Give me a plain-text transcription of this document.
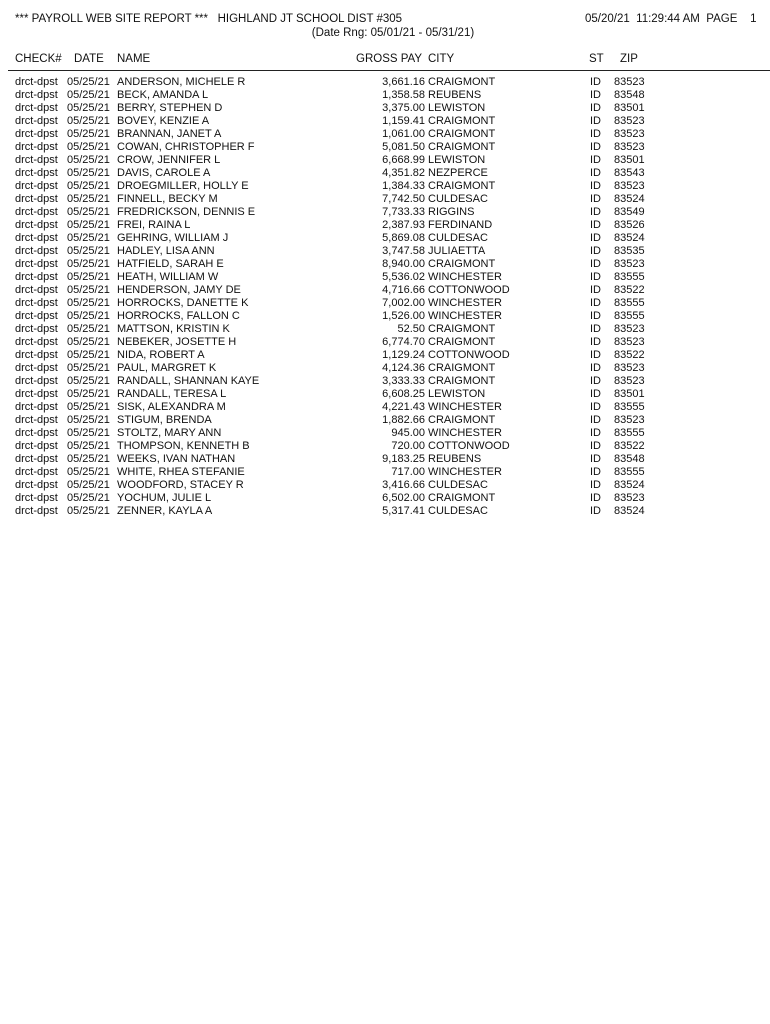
*** PAYROLL WEB SITE REPORT ***   HIGHLAND JT SCHOOL DIST #305	05/20/21  11:29:44 AM  PAGE    1
(Date Rng: 05/01/21 - 05/31/21)
CHECK# DATE NAME	GROSS PAY CITY	ST ZIP
drct-dpst 05/25/21 ANDERSON, MICHELE R	3,661.16 CRAIGMONT	ID 83523
drct-dpst 05/25/21 BECK, AMANDA L	1,358.58 REUBENS	ID 83548
drct-dpst 05/25/21 BERRY, STEPHEN D	3,375.00 LEWISTON	ID 83501
drct-dpst 05/25/21 BOVEY, KENZIE A	1,159.41 CRAIGMONT	ID 83523
drct-dpst 05/25/21 BRANNAN, JANET A	1,061.00 CRAIGMONT	ID 83523
drct-dpst 05/25/21 COWAN, CHRISTOPHER F	5,081.50 CRAIGMONT	ID 83523
drct-dpst 05/25/21 CROW, JENNIFER L	6,668.99 LEWISTON	ID 83501
drct-dpst 05/25/21 DAVIS, CAROLE A	4,351.82 NEZPERCE	ID 83543
drct-dpst 05/25/21 DROEGMILLER, HOLLY E	1,384.33 CRAIGMONT	ID 83523
drct-dpst 05/25/21 FINNELL, BECKY M	7,742.50 CULDESAC	ID 83524
drct-dpst 05/25/21 FREDRICKSON, DENNIS E	7,733.33 RIGGINS	ID 83549
drct-dpst 05/25/21 FREI, RAINA L	2,387.93 FERDINAND	ID 83526
drct-dpst 05/25/21 GEHRING, WILLIAM J	5,869.08 CULDESAC	ID 83524
drct-dpst 05/25/21 HADLEY, LISA ANN	3,747.58 JULIAETTA	ID 83535
drct-dpst 05/25/21 HATFIELD, SARAH E	8,940.00 CRAIGMONT	ID 83523
drct-dpst 05/25/21 HEATH, WILLIAM W	5,536.02 WINCHESTER	ID 83555
drct-dpst 05/25/21 HENDERSON, JAMY DE	4,716.66 COTTONWOOD	ID 83522
drct-dpst 05/25/21 HORROCKS, DANETTE K	7,002.00 WINCHESTER	ID 83555
drct-dpst 05/25/21 HORROCKS, FALLON C	1,526.00 WINCHESTER	ID 83555
drct-dpst 05/25/21 MATTSON, KRISTIN K	52.50 CRAIGMONT	ID 83523
drct-dpst 05/25/21 NEBEKER, JOSETTE H	6,774.70 CRAIGMONT	ID 83523
drct-dpst 05/25/21 NIDA, ROBERT A	1,129.24 COTTONWOOD	ID 83522
drct-dpst 05/25/21 PAUL, MARGRET K	4,124.36 CRAIGMONT	ID 83523
drct-dpst 05/25/21 RANDALL, SHANNAN KAYE	3,333.33 CRAIGMONT	ID 83523
drct-dpst 05/25/21 RANDALL, TERESA L	6,608.25 LEWISTON	ID 83501
drct-dpst 05/25/21 SISK, ALEXANDRA M	4,221.43 WINCHESTER	ID 83555
drct-dpst 05/25/21 STIGUM, BRENDA	1,882.66 CRAIGMONT	ID 83523
drct-dpst 05/25/21 STOLTZ, MARY ANN	945.00 WINCHESTER	ID 83555
drct-dpst 05/25/21 THOMPSON, KENNETH B	720.00 COTTONWOOD	ID 83522
drct-dpst 05/25/21 WEEKS, IVAN NATHAN	9,183.25 REUBENS	ID 83548
drct-dpst 05/25/21 WHITE, RHEA STEFANIE	717.00 WINCHESTER	ID 83555
drct-dpst 05/25/21 WOODFORD, STACEY R	3,416.66 CULDESAC	ID 83524
drct-dpst 05/25/21 YOCHUM, JULIE L	6,502.00 CRAIGMONT	ID 83523
drct-dpst 05/25/21 ZENNER, KAYLA A	5,317.41 CULDESAC	ID 83524
